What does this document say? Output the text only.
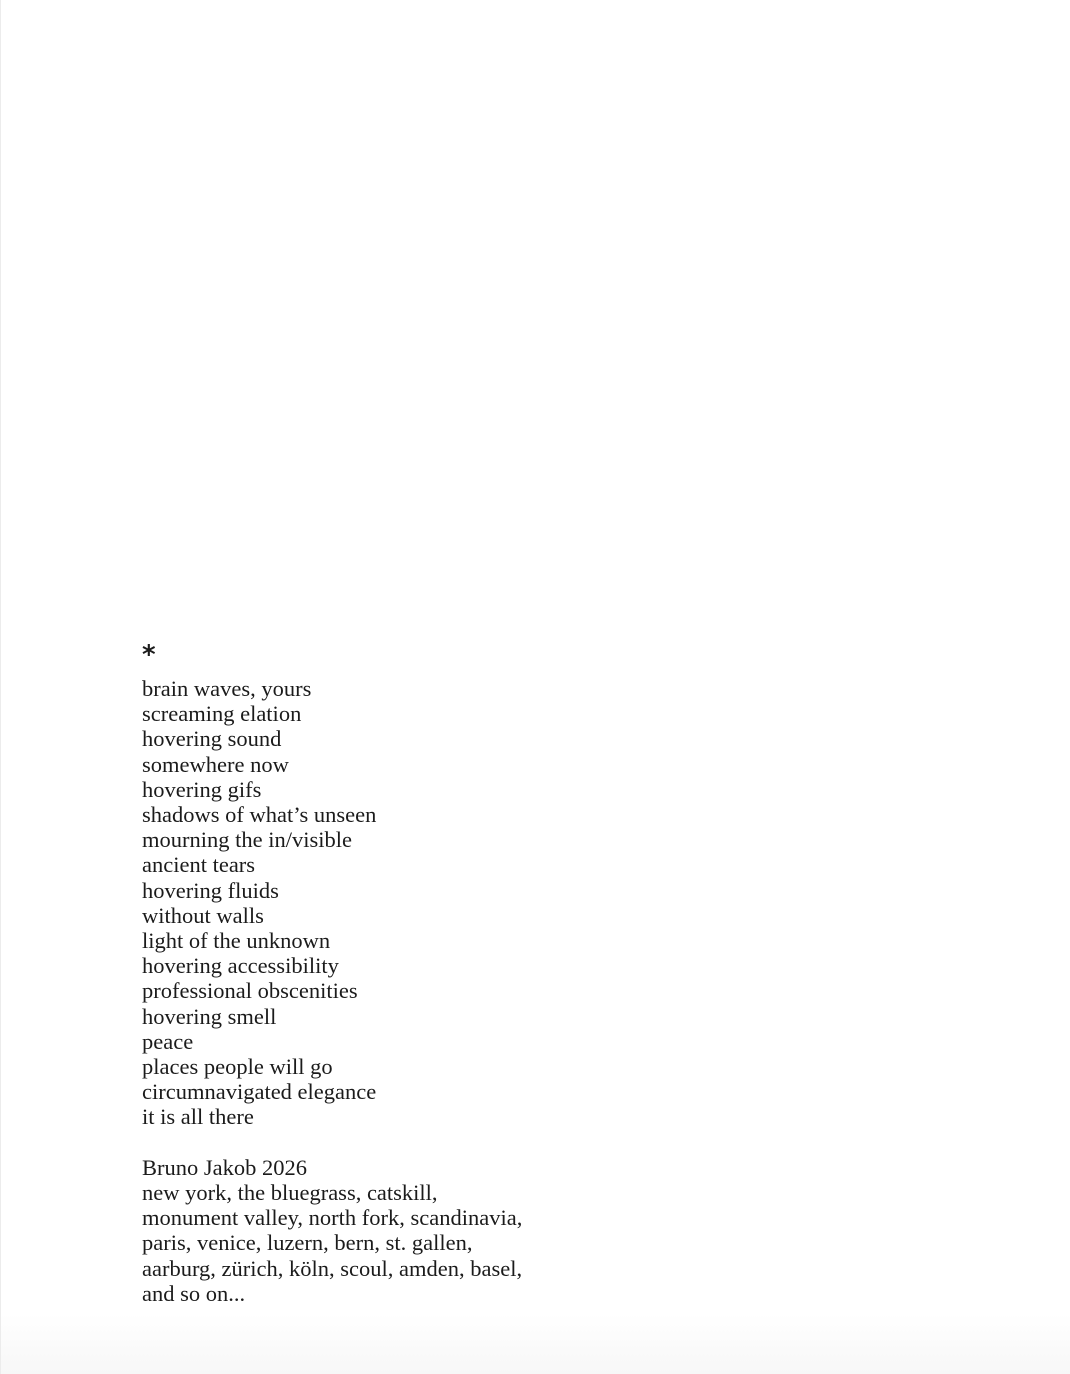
*
brain waves, yours
screaming elation
hovering sound
somewhere now
hovering gifs
shadows of what’s unseen
mourning the in/visible
ancient tears
hovering fluids
without walls
light of the unknown
hovering accessibility
professional obscenities
hovering smell
peace
places people will go
circumnavigated elegance
it is all there
Bruno Jakob 2026
new york, the bluegrass, catskill,
monument valley, north fork, scandinavia,
paris, venice, luzern, bern, st. gallen,
aarburg, zürich, köln, scoul, amden, basel,
and so on...
